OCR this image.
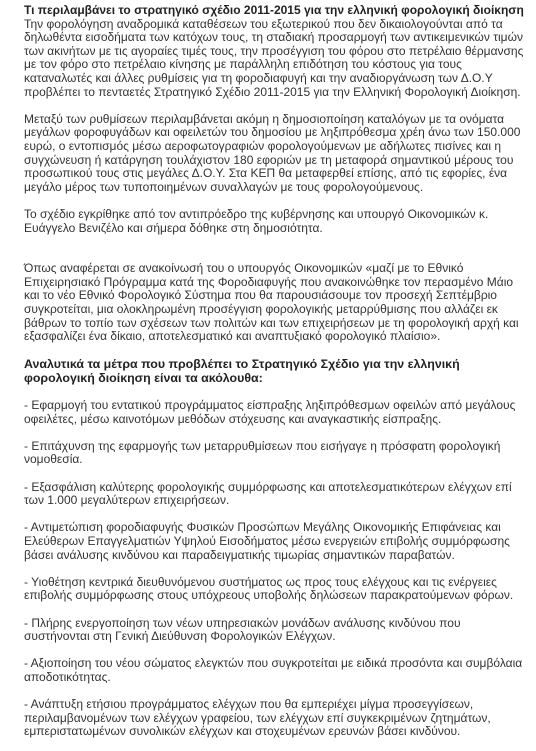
Τι περιλαμβάνει το στρατηγικό σχέδιο 2011-2015 για την ελληνική φορολογική διοίκηση

Την φορολόγηση αναδρομικά καταθέσεων του εξωτερικού που δεν δικαιολογούνται από τα δηλωθέντα εισοδήματα των κατόχων τους, τη σταδιακή προσαρμογή των αντικειμενικών τιμών των ακινήτων με τις αγοραίες τιμές τους, την προσέγγιση του φόρου στο πετρέλαιο θέρμανσης με τον φόρο στο πετρέλαιο κίνησης με παράλληλη επιδότηση του κόστους για τους καταναλωτές και άλλες ρυθμίσεις για τη φοροδιαφυγή και την αναδιοργάνωση των Δ.Ο.Υ προβλέπει το πενταετές Στρατηγικό Σχέδιο 2011-2015 για την Ελληνική Φορολογική Διοίκηση.

Μεταξύ των ρυθμίσεων περιλαμβάνεται ακόμη η δημοσιοποίηση καταλόγων με τα ονόματα μεγάλων φοροφυγάδων και οφειλετών του δημοσίου με ληξιπρόθεσμα χρέη άνω των 150.000 ευρώ, ο εντοπισμός μέσω αεροφωτογραφιών φορολογούμενων με αδήλωτες πισίνες και η συγχώνευση ή κατάργηση τουλάχιστον 180 εφοριών με τη μεταφορά σημαντικού μέρους του προσωπικού τους στις μεγάλες Δ.Ο.Υ. Στα ΚΕΠ θα μεταφερθεί επίσης, από τις εφορίες, ένα μεγάλο μέρος των τυποποιημένων συναλλαγών με τους φορολογούμενους.

Το σχέδιο εγκρίθηκε από τον αντιπρόεδρο της κυβέρνησης και υπουργό Οικονομικών κ. Ευάγγελο Βενιζέλο και σήμερα δόθηκε στη δημοσιότητα.

Όπως αναφέρεται σε ανακοίνωσή του ο υπουργός Οικονομικών «μαζί με το Εθνικό Επιχειρησιακό Πρόγραμμα κατά της Φοροδιαφυγής που ανακοινώθηκε τον περασμένο Μάιο και το νέο Εθνικό Φορολογικό Σύστημα που θα παρουσιάσουμε τον προσεχή Σεπτέμβριο συγκροτείται, μια ολοκληρωμένη προσέγγιση φορολογικής μεταρρύθμισης που αλλάζει εκ βάθρων το τοπίο των σχέσεων των πολιτών και των επιχειρήσεων με τη φορολογική αρχή και εξασφαλίζει ένα δίκαιο, αποτελεσματικό και αναπτυξιακό φορολογικό πλαίσιο».

Αναλυτικά τα μέτρα που προβλέπει το Στρατηγικό Σχέδιο για την ελληνική φορολογική διοίκηση είναι τα ακόλουθα:

- Εφαρμογή του εντατικού προγράμματος είσπραξης ληξιπρόθεσμων οφειλών από μεγάλους οφειλέτες, μέσω καινοτόμων μεθόδων στόχευσης και αναγκαστικής είσπραξης.

- Επιτάχυνση της εφαρμογής των μεταρρυθμίσεων που εισήγαγε η πρόσφατη φορολογική νομοθεσία.

- Εξασφάλιση καλύτερης φορολογικής συμμόρφωσης και αποτελεσματικότερων ελέγχων επί των 1.000 μεγαλύτερων επιχειρήσεων.

- Αντιμετώπιση φοροδιαφυγής Φυσικών Προσώπων Μεγάλης Οικονομικής Επιφάνειας και Ελεύθερων Επαγγελματιών Υψηλού Εισοδήματος μέσω ενεργειών επιβολής συμμόρφωσης βάσει ανάλυσης κινδύνου και παραδειγματικής τιμωρίας σημαντικών παραβατών.

- Υιοθέτηση κεντρικά διευθυνόμενου συστήματος ως προς τους ελέγχους και τις ενέργειες επιβολής συμμόρφωσης στους υπόχρεους υποβολής δηλώσεων παρακρατούμενων φόρων.

- Πλήρης ενεργοποίηση των νέων υπηρεσιακών μονάδων ανάλυσης κινδύνου που συστήνονται στη Γενική Διεύθυνση Φορολογικών Ελέγχων.

- Αξιοποίηση του νέου σώματος ελεγκτών που συγκροτείται με ειδικά προσόντα και συμβόλαια αποδοτικότητας.

- Ανάπτυξη ετήσιου προγράμματος ελέγχων που θα εμπεριέχει μίγμα προσεγγίσεων, περιλαμβανομένων των ελέγχων γραφείου, των ελέγχων επί συγκεκριμένων ζητημάτων, εμπεριστατωμένων συνολικών ελέγχων και στοχευμένων ερευνών βάσει κινδύνου.
